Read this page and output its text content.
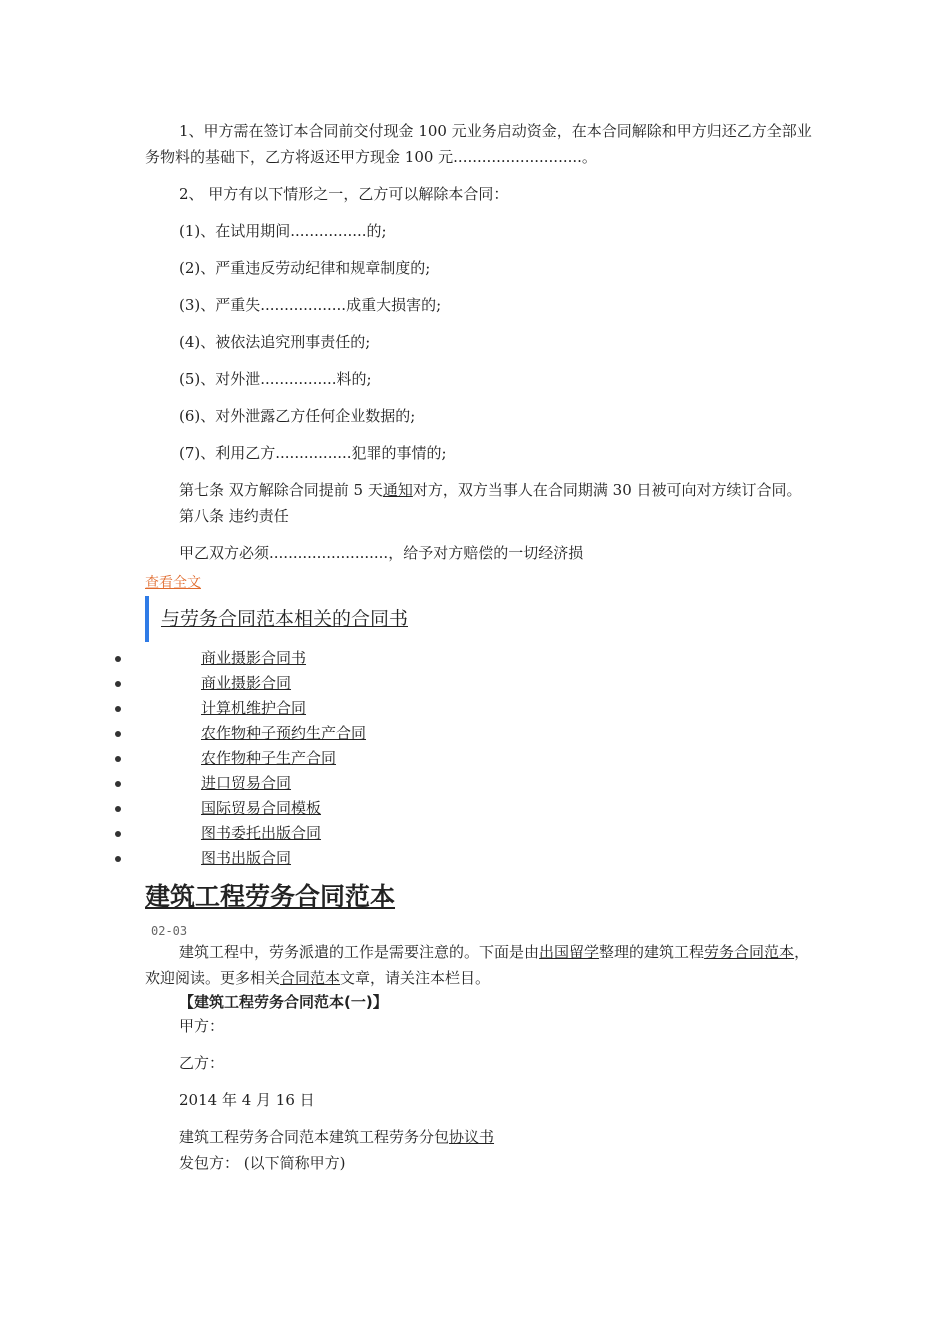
1、甲方需在签订本合同前交付现金 100 元业务启动资金，在本合同解除和甲方归还乙方全部业务物料的基础下，乙方将返还甲方现金 100 元...........................。

2、 甲方有以下情形之一，乙方可以解除本合同：

(1)、在试用期间................的;

(2)、严重违反劳动纪律和规章制度的;

(3)、严重失..................成重大损害的;

(4)、被依法追究刑事责任的;

(5)、对外泄................料的;

(6)、对外泄露乙方任何企业数据的;

(7)、利用乙方................犯罪的事情的;

第七条 双方解除合同提前 5 天通知对方，双方当事人在合同期满 30 日被可向对方续订合同。

第八条 违约责任

甲乙双方必须.........................，给予对方赔偿的一切经济损

查看全文
与劳务合同范本相关的合同书
商业摄影合同书
商业摄影合同
计算机维护合同
农作物种子预约生产合同
农作物种子生产合同
进口贸易合同
国际贸易合同模板
图书委托出版合同
图书出版合同
建筑工程劳务合同范本
02-03

建筑工程中，劳务派遣的工作是需要注意的。下面是由出国留学整理的建筑工程劳务合同范本，欢迎阅读。更多相关合同范本文章，请关注本栏目。

【建筑工程劳务合同范本(一)】

甲方：

乙方：

2014 年 4 月 16 日

建筑工程劳务合同范本建筑工程劳务分包协议书

发包方： (以下简称甲方)
